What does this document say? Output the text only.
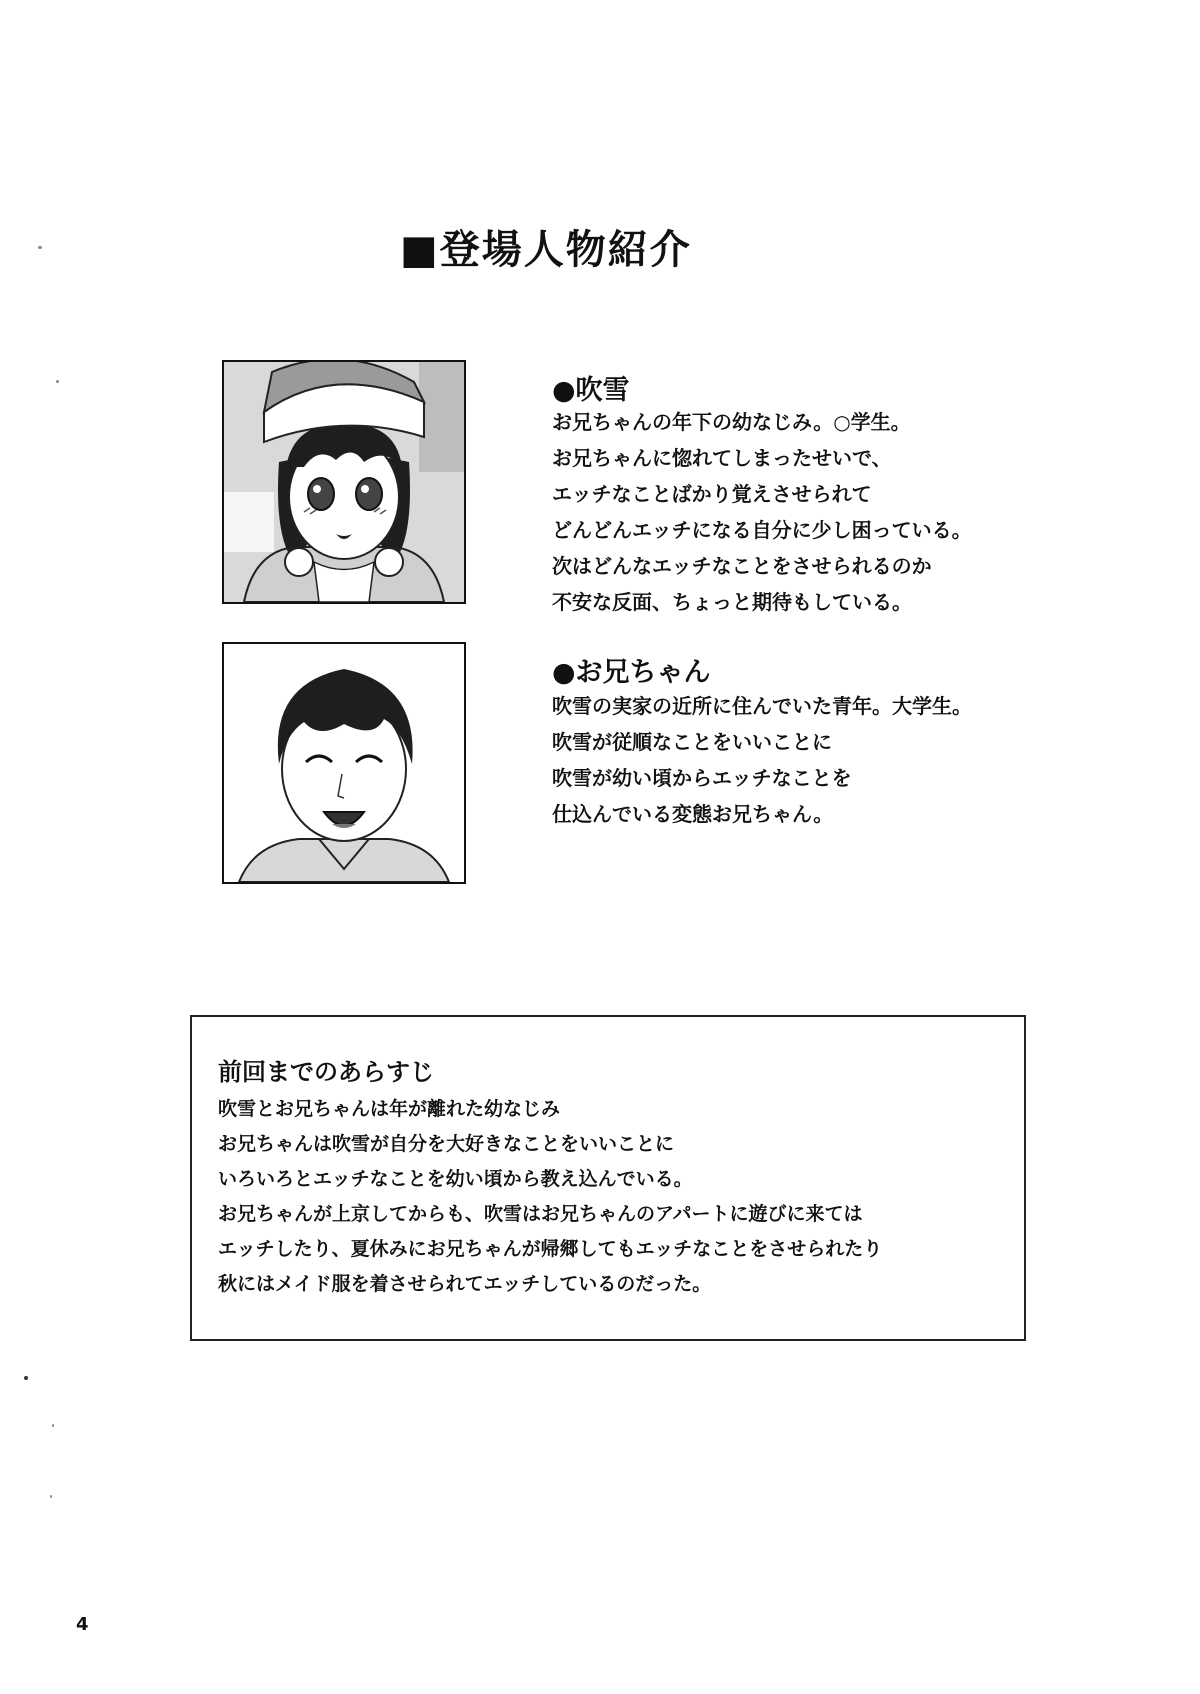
■登場人物紹介
●吹雪
お兄ちゃんの年下の幼なじみ。○学生。
お兄ちゃんに惚れてしまったせいで、
エッチなことばかり覚えさせられて
どんどんエッチになる自分に少し困っている。
次はどんなエッチなことをさせられるのか
不安な反面、ちょっと期待もしている。
●お兄ちゃん
吹雪の実家の近所に住んでいた青年。大学生。
吹雪が従順なことをいいことに
吹雪が幼い頃からエッチなことを
仕込んでいる変態お兄ちゃん。
前回までのあらすじ
吹雪とお兄ちゃんは年が離れた幼なじみ
お兄ちゃんは吹雪が自分を大好きなことをいいことに
いろいろとエッチなことを幼い頃から教え込んでいる。
お兄ちゃんが上京してからも、吹雪はお兄ちゃんのアパートに遊びに来ては
エッチしたり、夏休みにお兄ちゃんが帰郷してもエッチなことをさせられたり
秋にはメイド服を着させられてエッチしているのだった。
4
